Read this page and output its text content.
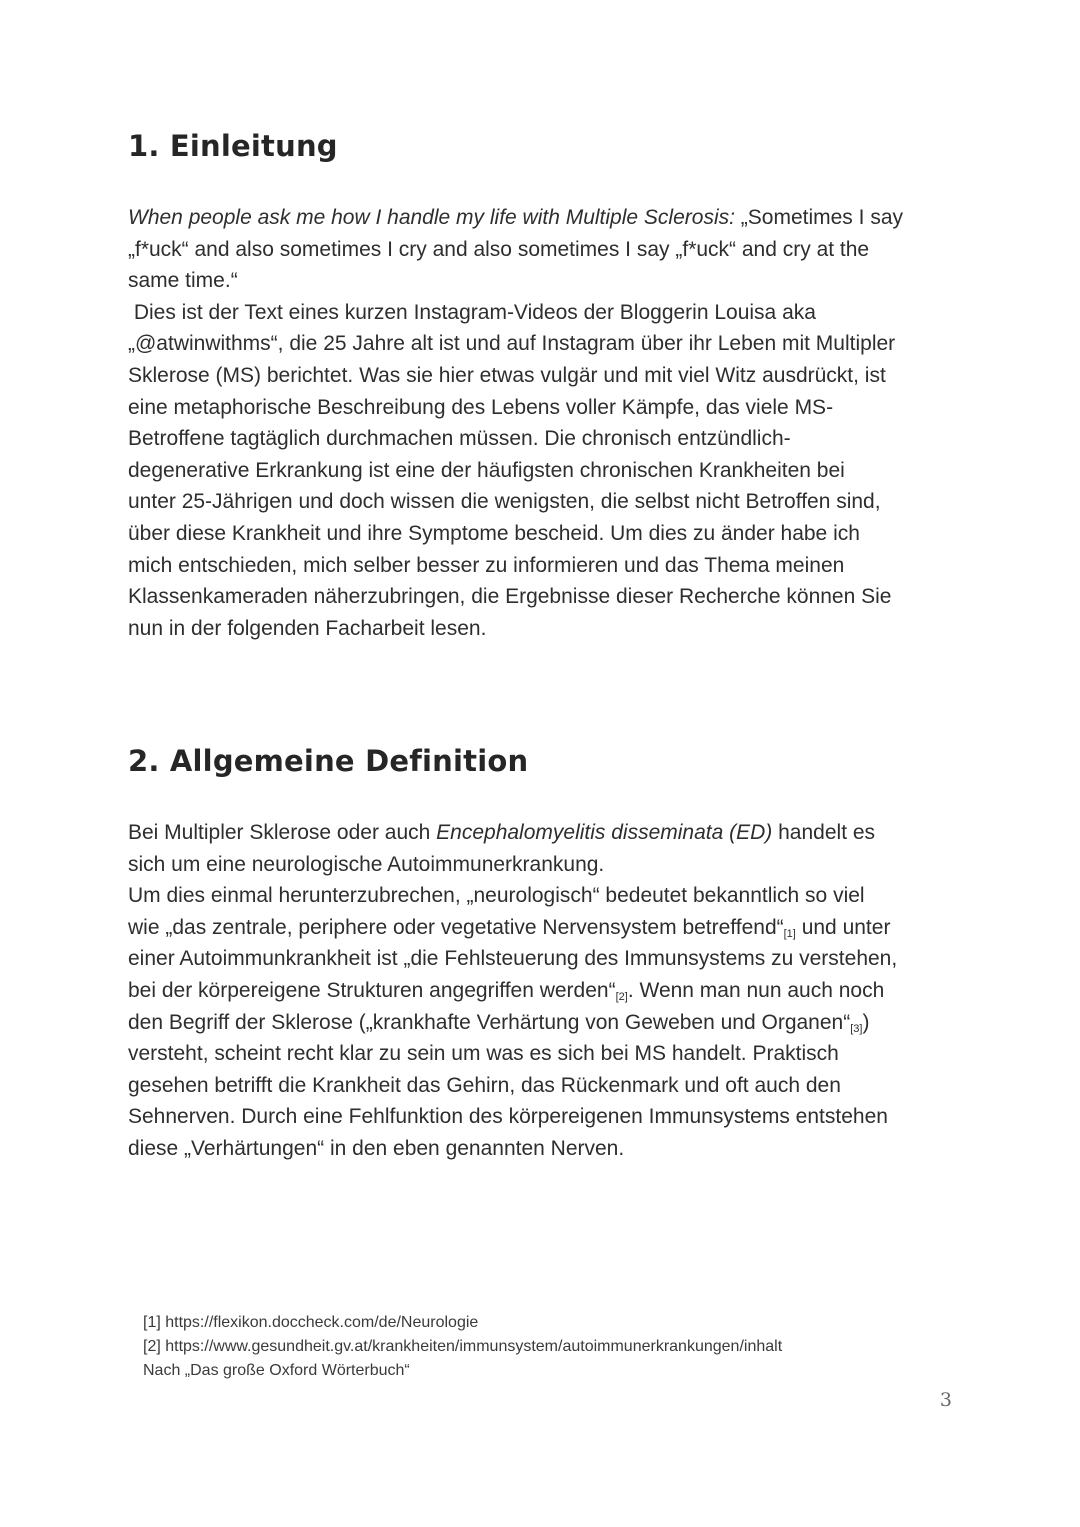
1. Einleitung
When people ask me how I handle my life with Multiple Sclerosis: „Sometimes I say
„f*uck“ and also sometimes I cry and also sometimes I say „f*uck“ and cry at the
same time.“
Dies ist der Text eines kurzen Instagram-Videos der Bloggerin Louisa aka
„@atwinwithms“, die 25 Jahre alt ist und auf Instagram über ihr Leben mit Multipler
Sklerose (MS) berichtet. Was sie hier etwas vulgär und mit viel Witz ausdrückt, ist
eine metaphorische Beschreibung des Lebens voller Kämpfe, das viele MS-
Betroffene tagtäglich durchmachen müssen. Die chronisch entzündlich-
degenerative Erkrankung ist eine der häufigsten chronischen Krankheiten bei
unter 25-Jährigen und doch wissen die wenigsten, die selbst nicht Betroffen sind,
über diese Krankheit und ihre Symptome bescheid. Um dies zu änder habe ich
mich entschieden, mich selber besser zu informieren und das Thema meinen
Klassenkameraden näherzubringen, die Ergebnisse dieser Recherche können Sie
nun in der folgenden Facharbeit lesen.
2. Allgemeine Definition
Bei Multipler Sklerose oder auch Encephalomyelitis disseminata (ED) handelt es
sich um eine neurologische Autoimmunerkrankung.
Um dies einmal herunterzubrechen, „neurologisch“ bedeutet bekanntlich so viel
wie „das zentrale, periphere oder vegetative Nervensystem betreffend“[1] und unter
einer Autoimmunkrankheit ist „die Fehlsteuerung des Immunsystems zu verstehen,
bei der körpereigene Strukturen angegriffen werden“[2]. Wenn man nun auch noch
den Begriff der Sklerose („krankhafte Verhärtung von Geweben und Organen“[3])
versteht, scheint recht klar zu sein um was es sich bei MS handelt. Praktisch
gesehen betrifft die Krankheit das Gehirn, das Rückenmark und oft auch den
Sehnerven. Durch eine Fehlfunktion des körpereigenen Immunsystems entstehen
diese „Verhärtungen“ in den eben genannten Nerven.
[1] https://flexikon.doccheck.com/de/Neurologie
[2] https://www.gesundheit.gv.at/krankheiten/immunsystem/autoimmunerkrankungen/inhalt
Nach „Das große Oxford Wörterbuch“
3
